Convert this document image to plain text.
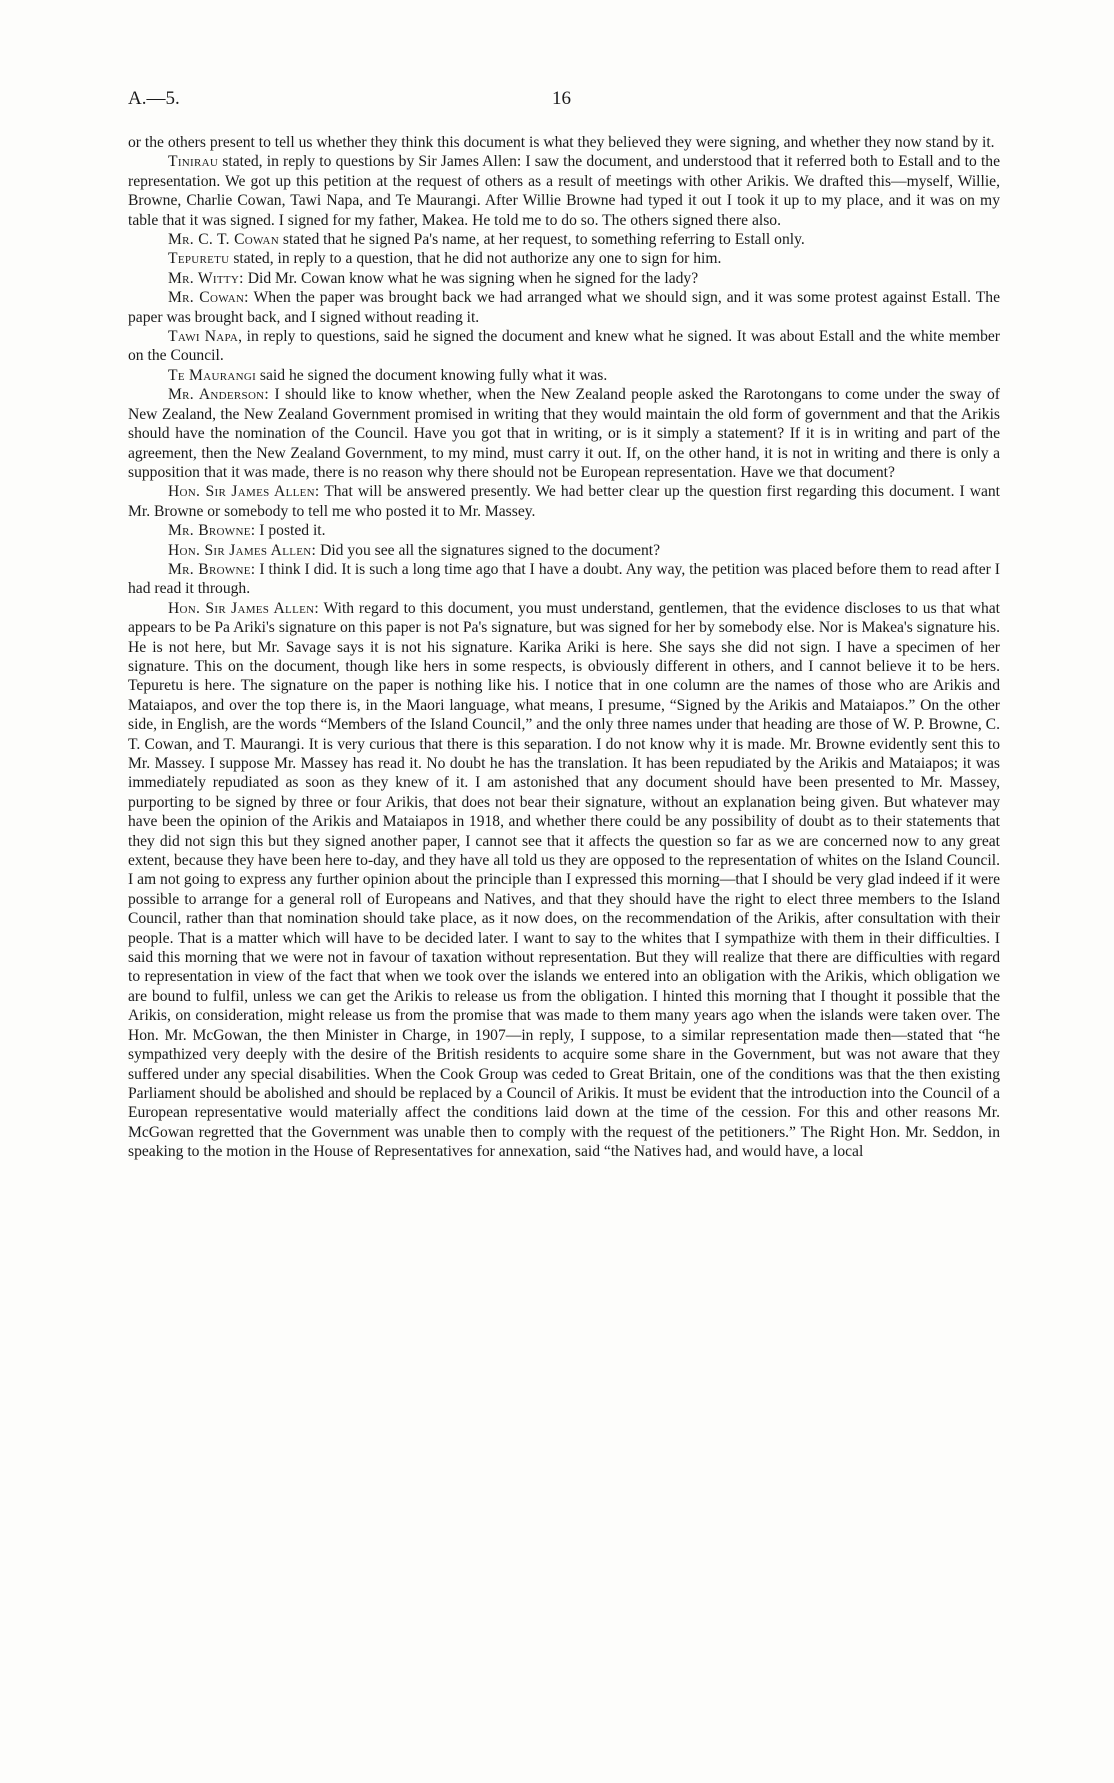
A.—5.	16

or the others present to tell us whether they think this document is what they believed they were signing, and whether they now stand by it.

Tinirau stated, in reply to questions by Sir James Allen: I saw the document, and understood that it referred both to Estall and to the representation. We got up this petition at the request of others as a result of meetings with other Arikis. We drafted this—myself, Willie, Browne, Charlie Cowan, Tawi Napa, and Te Maurangi. After Willie Browne had typed it out I took it up to my place, and it was on my table that it was signed. I signed for my father, Makea. He told me to do so. The others signed there also.

Mr. C. T. Cowan stated that he signed Pa's name, at her request, to something referring to Estall only.

Tepuretu stated, in reply to a question, that he did not authorize any one to sign for him.

Mr. Witty: Did Mr. Cowan know what he was signing when he signed for the lady?

Mr. Cowan: When the paper was brought back we had arranged what we should sign, and it was some protest against Estall. The paper was brought back, and I signed without reading it.

Tawi Napa, in reply to questions, said he signed the document and knew what he signed. It was about Estall and the white member on the Council.

Te Maurangi said he signed the document knowing fully what it was.

Mr. Anderson: I should like to know whether, when the New Zealand people asked the Rarotongans to come under the sway of New Zealand, the New Zealand Government promised in writing that they would maintain the old form of government and that the Arikis should have the nomination of the Council. Have you got that in writing, or is it simply a statement? If it is in writing and part of the agreement, then the New Zealand Government, to my mind, must carry it out. If, on the other hand, it is not in writing and there is only a supposition that it was made, there is no reason why there should not be European representation. Have we that document?

Hon. Sir James Allen: That will be answered presently. We had better clear up the question first regarding this document. I want Mr. Browne or somebody to tell me who posted it to Mr. Massey.

Mr. Browne: I posted it.

Hon. Sir James Allen: Did you see all the signatures signed to the document?

Mr. Browne: I think I did. It is such a long time ago that I have a doubt. Any way, the petition was placed before them to read after I had read it through.

Hon. Sir James Allen: With regard to this document, you must understand, gentlemen, that the evidence discloses to us that what appears to be Pa Ariki's signature on this paper is not Pa's signature, but was signed for her by somebody else. Nor is Makea's signature his. He is not here, but Mr. Savage says it is not his signature. Karika Ariki is here. She says she did not sign. I have a specimen of her signature. This on the document, though like hers in some respects, is obviously different in others, and I cannot believe it to be hers. Tepuretu is here. The signature on the paper is nothing like his. I notice that in one column are the names of those who are Arikis and Mataiapos, and over the top there is, in the Maori language, what means, I presume, “Signed by the Arikis and Mataiapos.” On the other side, in English, are the words “Members of the Island Council,” and the only three names under that heading are those of W. P. Browne, C. T. Cowan, and T. Maurangi. It is very curious that there is this separation. I do not know why it is made. Mr. Browne evidently sent this to Mr. Massey. I suppose Mr. Massey has read it. No doubt he has the translation. It has been repudiated by the Arikis and Mataiapos; it was immediately repudiated as soon as they knew of it. I am astonished that any document should have been presented to Mr. Massey, purporting to be signed by three or four Arikis, that does not bear their signature, without an explanation being given. But whatever may have been the opinion of the Arikis and Mataiapos in 1918, and whether there could be any possibility of doubt as to their statements that they did not sign this but they signed another paper, I cannot see that it affects the question so far as we are concerned now to any great extent, because they have been here to-day, and they have all told us they are opposed to the representation of whites on the Island Council. I am not going to express any further opinion about the principle than I expressed this morning—that I should be very glad indeed if it were possible to arrange for a general roll of Europeans and Natives, and that they should have the right to elect three members to the Island Council, rather than that nomination should take place, as it now does, on the recommendation of the Arikis, after consultation with their people. That is a matter which will have to be decided later. I want to say to the whites that I sympathize with them in their difficulties. I said this morning that we were not in favour of taxation without representation. But they will realize that there are difficulties with regard to representation in view of the fact that when we took over the islands we entered into an obligation with the Arikis, which obligation we are bound to fulfil, unless we can get the Arikis to release us from the obligation. I hinted this morning that I thought it possible that the Arikis, on consideration, might release us from the promise that was made to them many years ago when the islands were taken over. The Hon. Mr. McGowan, the then Minister in Charge, in 1907—in reply, I suppose, to a similar representation made then—stated that “he sympathized very deeply with the desire of the British residents to acquire some share in the Government, but was not aware that they suffered under any special disabilities. When the Cook Group was ceded to Great Britain, one of the conditions was that the then existing Parliament should be abolished and should be replaced by a Council of Arikis. It must be evident that the introduction into the Council of a European representative would materially affect the conditions laid down at the time of the cession. For this and other reasons Mr. McGowan regretted that the Government was unable then to comply with the request of the petitioners.” The Right Hon. Mr. Seddon, in speaking to the motion in the House of Representatives for annexation, said “the Natives had, and would have, a local
